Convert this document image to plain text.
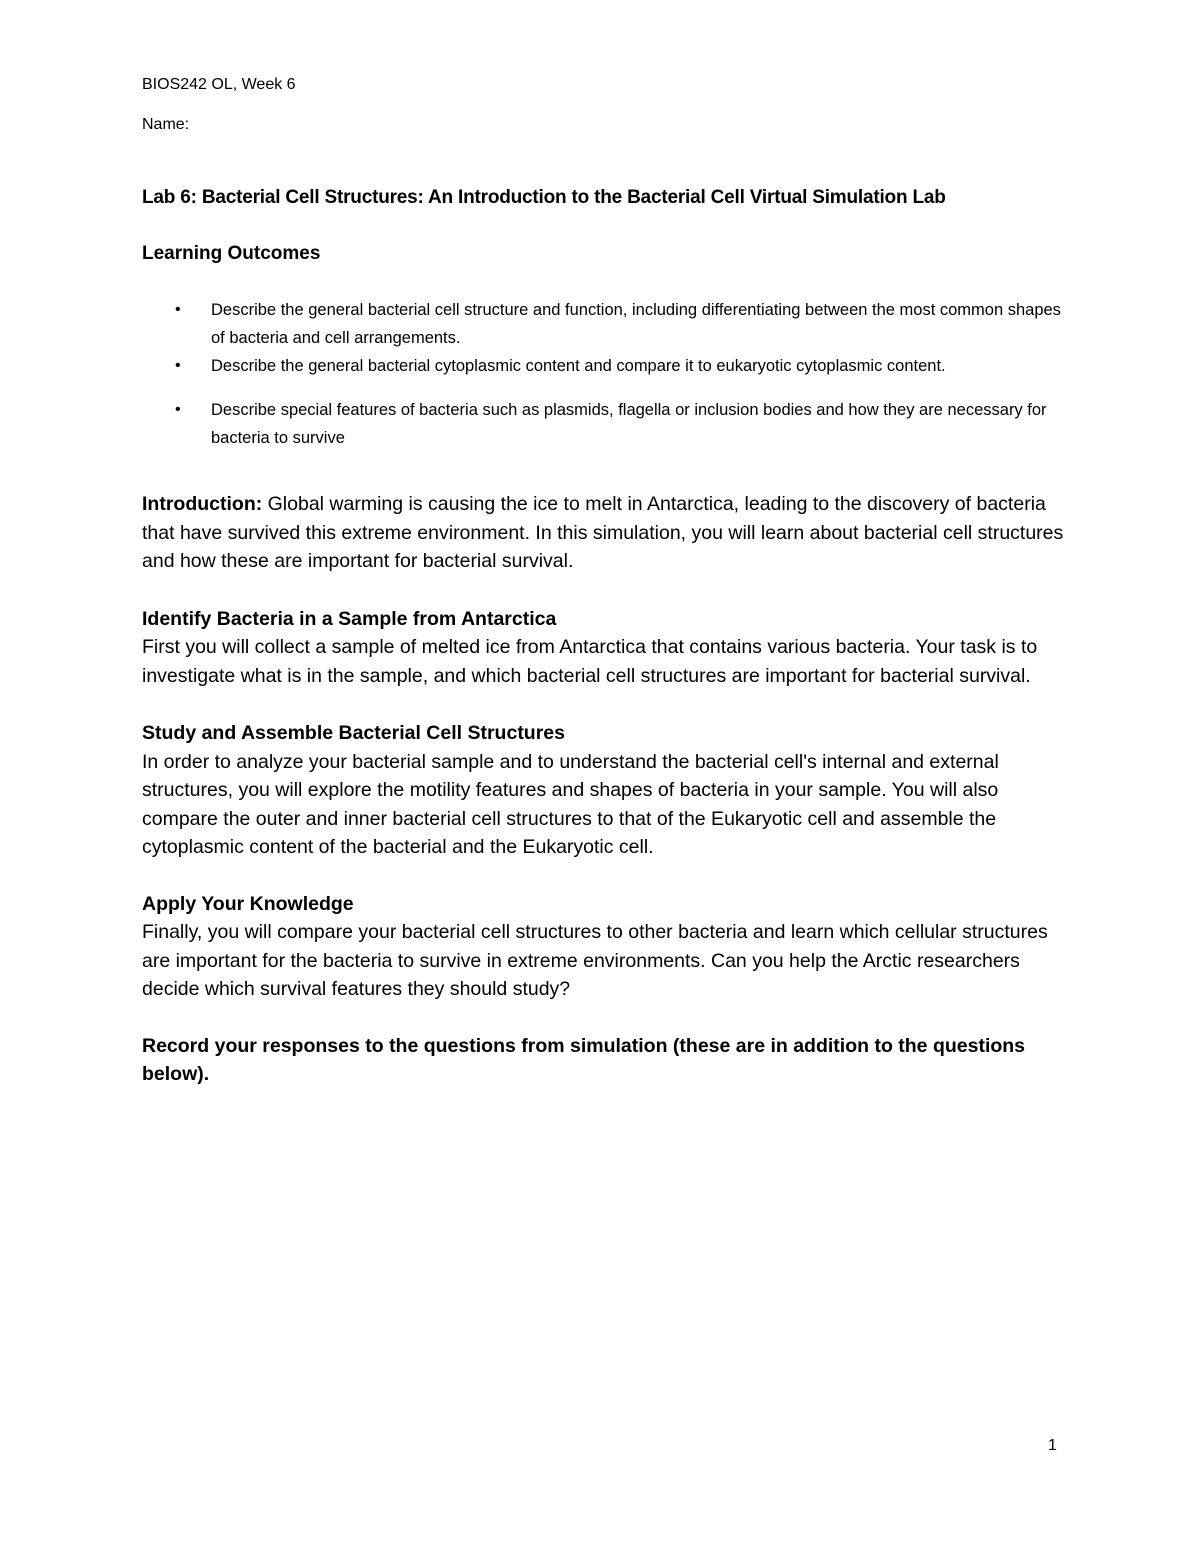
BIOS242 OL, Week 6

Name:

Lab 6: Bacterial Cell Structures: An Introduction to the Bacterial Cell Virtual Simulation Lab

Learning Outcomes

• Describe the general bacterial cell structure and function, including differentiating between the most common shapes of bacteria and cell arrangements.
• Describe the general bacterial cytoplasmic content and compare it to eukaryotic cytoplasmic content.
• Describe special features of bacteria such as plasmids, flagella or inclusion bodies and how they are necessary for bacteria to survive

Introduction: Global warming is causing the ice to melt in Antarctica, leading to the discovery of bacteria that have survived this extreme environment. In this simulation, you will learn about bacterial cell structures and how these are important for bacterial survival.

Identify Bacteria in a Sample from Antarctica
First you will collect a sample of melted ice from Antarctica that contains various bacteria. Your task is to investigate what is in the sample, and which bacterial cell structures are important for bacterial survival.
Study and Assemble Bacterial Cell Structures
In order to analyze your bacterial sample and to understand the bacterial cell's internal and external structures, you will explore the motility features and shapes of bacteria in your sample. You will also compare the outer and inner bacterial cell structures to that of the Eukaryotic cell and assemble the cytoplasmic content of the bacterial and the Eukaryotic cell.
Apply Your Knowledge
Finally, you will compare your bacterial cell structures to other bacteria and learn which cellular structures are important for the bacteria to survive in extreme environments. Can you help the Arctic researchers decide which survival features they should study?

Record your responses to the questions from simulation (these are in addition to the questions below).

1
